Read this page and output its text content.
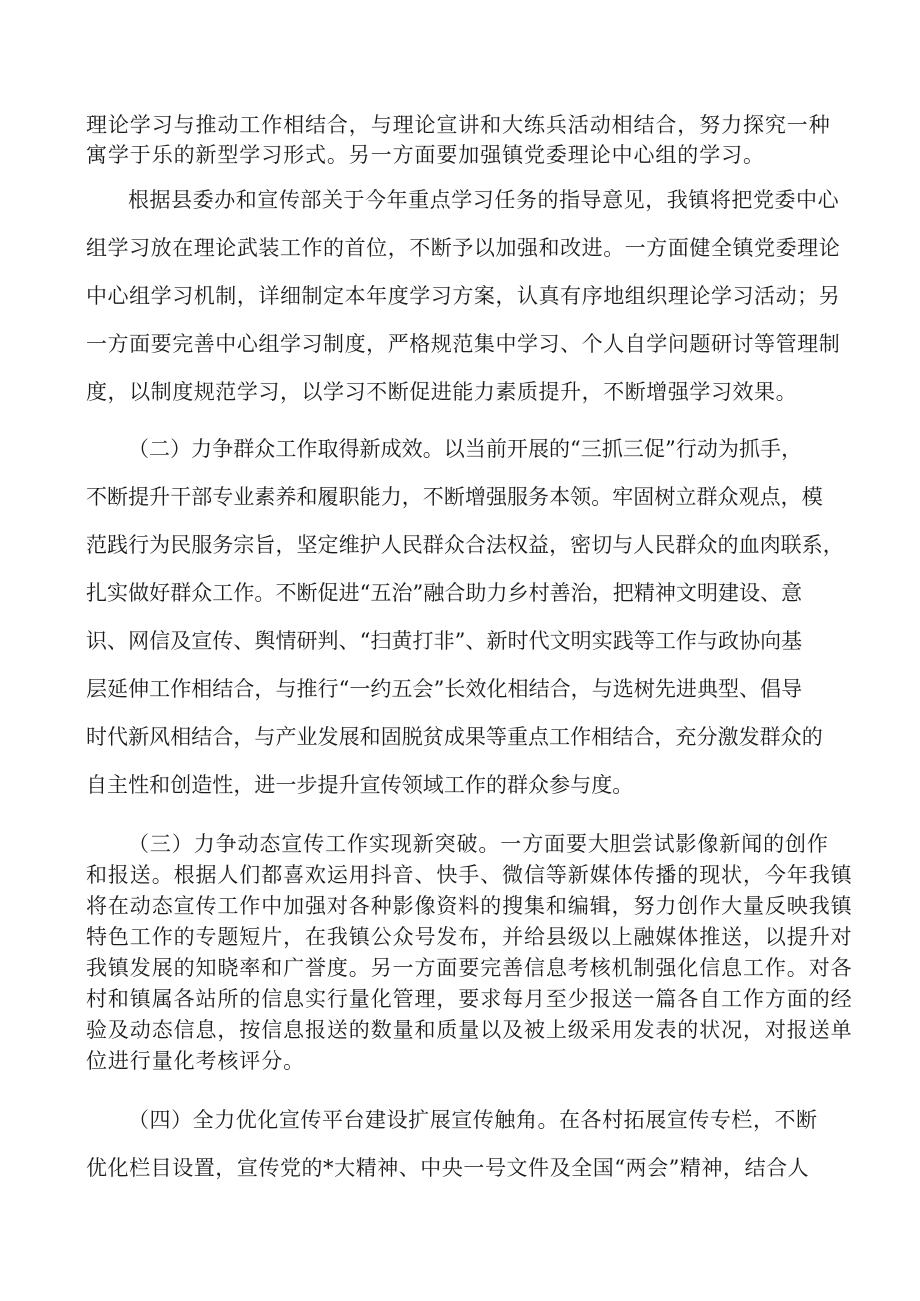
理论学习与推动工作相结合，与理论宣讲和大练兵活动相结合，努力探究一种
寓学于乐的新型学习形式。另一方面要加强镇党委理论中心组的学习。
根据县委办和宣传部关于今年重点学习任务的指导意见，我镇将把党委中心
组学习放在理论武装工作的首位，不断予以加强和改进。一方面健全镇党委理论
中心组学习机制，详细制定本年度学习方案，认真有序地组织理论学习活动；另
一方面要完善中心组学习制度，严格规范集中学习、个人自学问题研讨等管理制
度，以制度规范学习，以学习不断促进能力素质提升，不断增强学习效果。
（二）力争群众工作取得新成效。以当前开展的“三抓三促”行动为抓手，
不断提升干部专业素养和履职能力，不断增强服务本领。牢固树立群众观点，模
范践行为民服务宗旨，坚定维护人民群众合法权益，密切与人民群众的血肉联系，
扎实做好群众工作。不断促进“五治”融合助力乡村善治，把精神文明建设、意
识、网信及宣传、舆情研判、“扫黄打非”、新时代文明实践等工作与政协向基
层延伸工作相结合，与推行“一约五会”长效化相结合，与选树先进典型、倡导
时代新风相结合，与产业发展和固脱贫成果等重点工作相结合，充分激发群众的
自主性和创造性，进一步提升宣传领域工作的群众参与度。
（三）力争动态宣传工作实现新突破。一方面要大胆尝试影像新闻的创作
和报送。根据人们都喜欢运用抖音、快手、微信等新媒体传播的现状，今年我镇
将在动态宣传工作中加强对各种影像资料的搜集和编辑，努力创作大量反映我镇
特色工作的专题短片，在我镇公众号发布，并给县级以上融媒体推送，以提升对
我镇发展的知晓率和广誉度。另一方面要完善信息考核机制强化信息工作。对各
村和镇属各站所的信息实行量化管理，要求每月至少报送一篇各自工作方面的经
验及动态信息，按信息报送的数量和质量以及被上级采用发表的状况，对报送单
位进行量化考核评分。
（四）全力优化宣传平台建设扩展宣传触角。在各村拓展宣传专栏，不断
优化栏目设置，宣传党的*大精神、中央一号文件及全国“两会”精神，结合人
